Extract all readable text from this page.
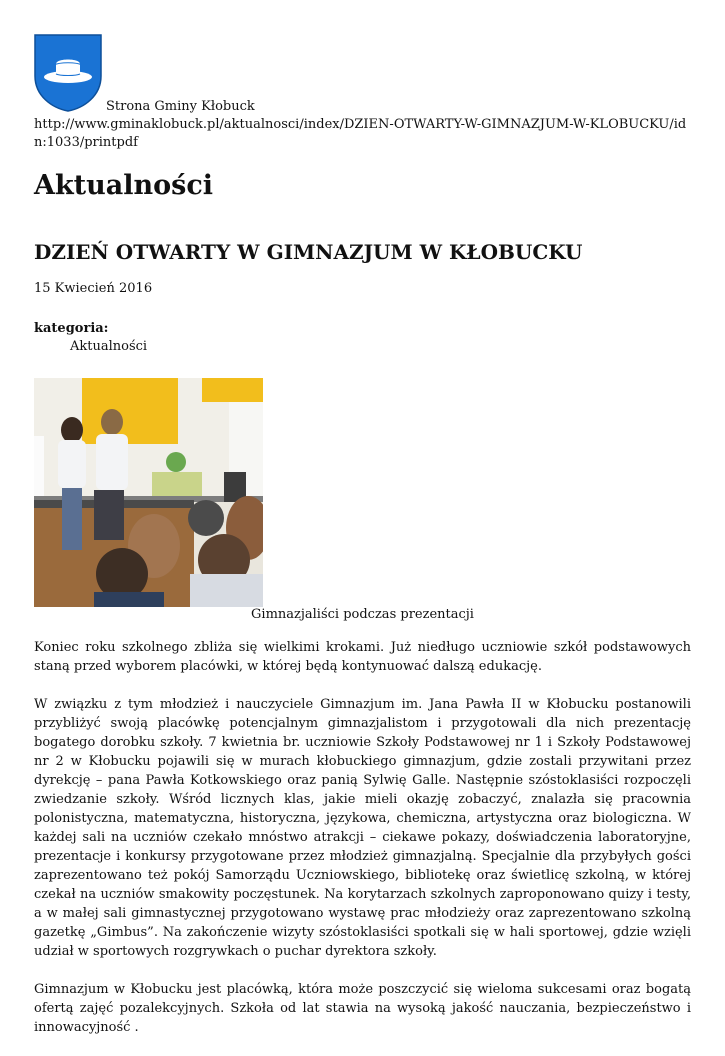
Strona Gminy Kłobuck
http://www.gminaklobuck.pl/aktualnosci/index/DZIEN-OTWARTY-W-GIMNAZJUM-W-KLOBUCKU/idn:1033/printpdf
Aktualności
DZIEŃ OTWARTY W GIMNAZJUM W KŁOBUCKU
15 Kwiecień 2016
kategoria:
Aktualności
Gimnazjaliści podczas prezentacji

Koniec roku szkolnego zbliża się wielkimi krokami. Już niedługo uczniowie szkół podstawowych staną przed wyborem placówki, w której będą kontynuować dalszą edukację.

W związku z tym młodzież i nauczyciele Gimnazjum im. Jana Pawła II w Kłobucku postanowili przybliżyć swoją placówkę potencjalnym gimnazjalistom i przygotowali dla nich prezentację bogatego dorobku szkoły. 7 kwietnia br. uczniowie Szkoły Podstawowej nr 1 i Szkoły Podstawowej nr 2 w Kłobucku pojawili się w murach kłobuckiego gimnazjum, gdzie zostali przywitani przez dyrekcję – pana Pawła Kotkowskiego oraz panią Sylwię Galle. Następnie szóstoklasiści rozpoczęli zwiedzanie szkoły. Wśród licznych klas, jakie mieli okazję zobaczyć, znalazła się pracownia polonistyczna, matematyczna, historyczna, językowa, chemiczna, artystyczna oraz biologiczna. W każdej sali na uczniów czekało mnóstwo atrakcji – ciekawe pokazy, doświadczenia laboratoryjne, prezentacje i konkursy przygotowane przez młodzież gimnazjalną. Specjalnie dla przybyłych gości zaprezentowano też pokój Samorządu Uczniowskiego, bibliotekę oraz świetlicę szkolną, w której czekał na uczniów smakowity poczęstunek. Na korytarzach szkolnych zaproponowano quizy i testy, a w małej sali gimnastycznej przygotowano wystawę prac młodzieży oraz zaprezentowano szkolną gazetkę „Gimbus”. Na zakończenie wizyty szóstoklasiści spotkali się w hali sportowej, gdzie wzięli udział w sportowych rozgrywkach o puchar dyrektora szkoły.

Gimnazjum w Kłobucku jest placówką, która może poszczycić się wieloma sukcesami oraz bogatą ofertą zajęć pozalekcyjnych. Szkoła od lat stawia na wysoką jakość nauczania, bezpieczeństwo i innowacyjność .
